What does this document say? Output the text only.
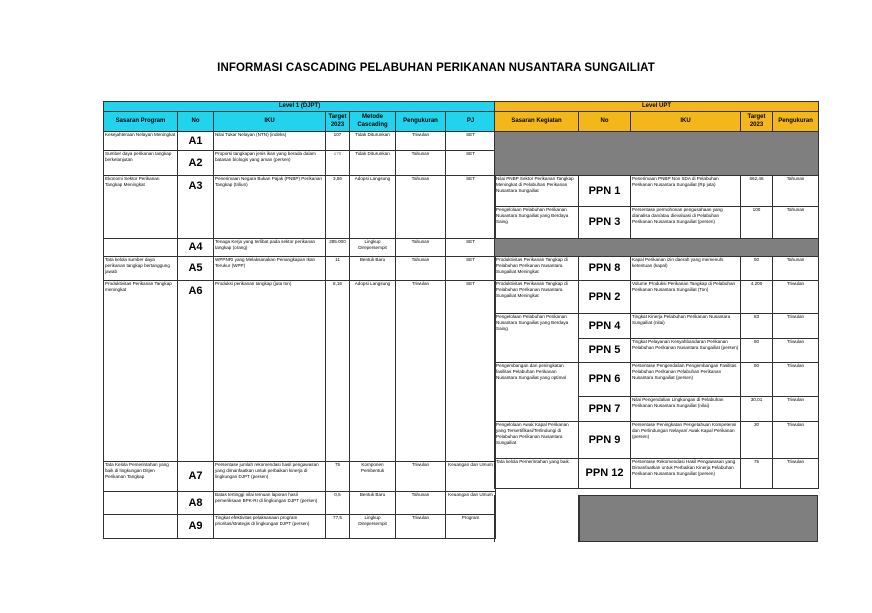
INFORMASI CASCADING PELABUHAN PERIKANAN NUSANTARA SUNGAILIAT
Level 1 (DJPT)						
Sasaran Program	No	IKU	Target 2023	Metode Cascading	Pengukuran	PJ
Kesejahteraan Nelayan Meningkat	A1	Nilai Tukar Nelayan (NTN) (indeks)	107	Tidak Diturunkan	Triwulan	SET
Sumber daya perikanan tangkap berkelanjutan	A2	Proporsi tangkapan jenis ikan yang berada dalam batasan biologis yang aman (persen)	≤76	Tidak Diturunkan	Tahunan	SET
Ekonomi Sektor Perikanan Tangkap Meningkat	A3	Penerimaan Negara Bukan Pajak (PNBP) Perikanan Tangkap (triliun)	3,56	Adopsi Langsung	Tahunan	SET
	A4	Tenaga Kerja yang terlibat pada sektor perikanan tangkap (orang)	285.000	Lingkup Direpersempit	Tahunan	SET
Tata kelola sumber daya perikanan tangkap bertanggung jawab	A5	WPPNRI yang Melaksanakan Penangkapan Ikan Terukur (WPP)	11	Bentuk Baru	Tahunan	SET
Produktivitas Perikanan Tangkap meningkat	A6	Produksi perikanan tangkap (juta ton)	8,16	Adopsi Langsung	Triwulan	SET
Tata Kelola Pemerintahan yang baik di lingkungan Ditjen Perikanan Tangkap	A7	Persentase jumlah rekomendasi hasil pengawasan yang dimanfaatkan untuk perbaikan kinerja di lingkungan DJPT (persen)	75	Komponen Pembentuk	Triwulan	Keuangan dan Umum
	A8	Batas tertinggi nilai temuan laporan hasil pemeriksaan BPK-RI di lingkungan DJPT (persen)	0,5	Bentuk Baru	Tahunan	Keuangan dan Umum
	A9	Tingkat efektivitas pelaksanaan program prioritas/strategis di lingkungan DJPT (persen)	77,5	Lingkup Direpersempit	Triwulan	Program
Level UPT				
Sasaran Kegiatan	No	IKU	Target 2023	Pengukuran

Nilai PNBP Sektor Perikanan Tangkap Meningkat di Pelabuhan Perikanan Nusantara Sungailiat	PPN 1	Penerimaan PNBP Non SDA di Pelabuhan Perikanan Nusantara Sungailiat (Rp juta)	662,46	Tahunan
Pengelolaan Pelabuhan Perikanan Nusantara Sungailiat yang Berdaya Saing	PPN 3	Persentase permohonan pengusahaan yang dianalisa dan/atau dievaluasi di Pelabuhan Perikanan Nusantara Sungailiat (persen)	100	Tahunan

Produktivitas Perikanan Tangkap di Pelabuhan Perikanan Nusantara Sungailiat Meningkat	PPN 8	Kapal Perikanan izin daerah yang memenuhi ketentuan (kapal)	50	Tahunan
Produktivitas Perikanan Tangkap di Pelabuhan Perikanan Nusantara Sungailiat Meningkat	PPN 2	Volume Produksi Perikanan Tangkap di Pelabuhan Perikanan Nusantara Sungailiat (Ton)	4.200	Triwulan
Pengelolaan Pelabuhan Perikanan Nusantara Sungailiat yang Berdaya Saing	PPN 4	Tingkat Kinerja Pelabuhan Perikanan Nusantara Sungailiat (nilai)	83	Triwulan
	PPN 5	Tingkat Pelayanan Kesyahbandaran Perikanan Pelabuhan Perikanan Nusantara Sungailiat (persen)	80	Triwulan
Pengembangan dan peningkatan fasilitas Pelabuhan Perikanan Nusantara Sungailiat yang optimal	PPN 6	Persentase Pengendalian Pengembangan Fasilitas Pelabuhan Perikanan Pelabuhan Perikanan Nusantara Sungailiat (persen)	50	Triwulan
	PPN 7	Nilai Pengendalian Lingkungan di Pelabuhan Perikanan Nusantara Sungailiat (nilai)	30,01	Triwulan
Pengelolaan Awak Kapal Perikanan yang Tersertifikasi/Terlindungi di Pelabuhan Perikanan Nusantara Sungailiat	PPN 9	Persentase Peningkatan Pengetahuan Kompetensi dan Perlindungan Nelayan/ Awak Kapal Perikanan (persen)	30	Triwulan
Tata kelola Pemerintahan yang baik	PPN 12	Persentase Rekomendasi Hasil Pengawasan yang Dimanfaatkan untuk Perbaikan Kinerja Pelabuhan Perikanan Nusantara Sungailiat (persen)	75	Triwulan
